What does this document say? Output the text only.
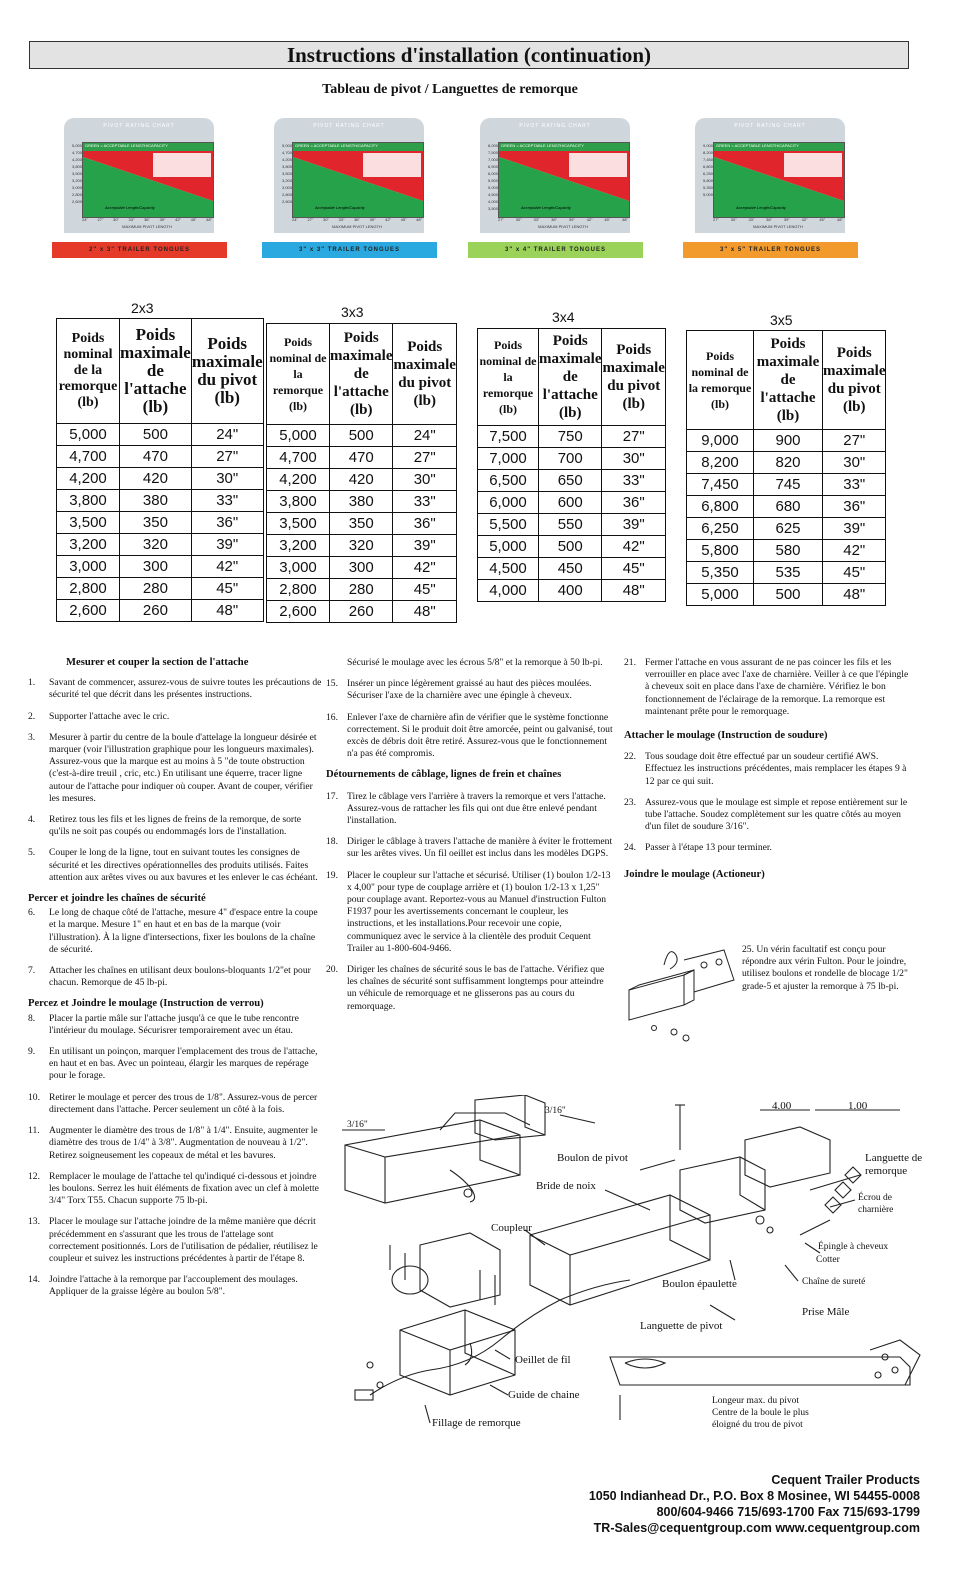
Instructions d'installation (continuation)
Tableau de pivot / Languettes de remorque
PIVOT RATING CHART
5,000
4,700
4,200
3,800
3,500
3,200
3,000
2,800
2,600
GREEN = ACCEPTABLE LENGTH/CAPACITY
Acceptable Length/Capacity
24" 27" 30" 33" 36" 39" 42" 45" 48"
MAXIMUM PIVOT LENGTH
2" x 3" TRAILER TONGUES
PIVOT RATING CHART
5,000
4,700
4,200
3,800
3,500
3,200
3,000
2,800
2,600
GREEN = ACCEPTABLE LENGTH/CAPACITY
Acceptable Length/Capacity
24" 27" 30" 33" 36" 39" 42" 45" 48"
MAXIMUM PIVOT LENGTH
3" x 3" TRAILER TONGUES
PIVOT RATING CHART
8,000
7,500
7,000
6,500
6,000
5,500
5,000
4,500
4,000
3,500
GREEN = ACCEPTABLE LENGTH/CAPACITY
Acceptable Length/Capacity
27"	30"	33"	36"	39"	42"	45"	48"
MAXIMUM PIVOT LENGTH
3" x 4" TRAILER TONGUES
PIVOT RATING CHART
9,000
8,200
7,450
6,800
6,250
5,800
5,350
5,000
GREEN = ACCEPTABLE LENGTH/CAPACITY
Acceptable Length/Capacity
27"	30"	33"	36"	39"	42"	45"	48"
MAXIMUM PIVOT LENGTH
3" x 5" TRAILER TONGUES
2x3
Poids nominal de la remorque (lb)	Poids maximale de l'attache (lb)	Poids maximale du pivot (lb)
5,000	500	24"
4,700	470	27"
4,200	420	30"
3,800	380	33"
3,500	350	36"
3,200	320	39"
3,000	300	42"
2,800	280	45"
2,600	260	48"
3x3
Poids nominal de la remorque (lb)	Poids maximale de l'attache (lb)	Poids maximale du pivot (lb)
5,000	500	24"
4,700	470	27"
4,200	420	30"
3,800	380	33"
3,500	350	36"
3,200	320	39"
3,000	300	42"
2,800	280	45"
2,600	260	48"
3x4
Poids nominal de la remorque (lb)	Poids maximale de l'attache (lb)	Poids maximale du pivot (lb)
7,500	750	27"
7,000	700	30"
6,500	650	33"
6,000	600	36"
5,500	550	39"
5,000	500	42"
4,500	450	45"
4,000	400	48"
3x5
Poids nominal de la remorque (lb)	Poids maximale de l'attache (lb)	Poids maximale du pivot (lb)
9,000	900	27"
8,200	820	30"
7,450	745	33"
6,800	680	36"
6,250	625	39"
5,800	580	42"
5,350	535	45"
5,000	500	48"

Mesurer et couper la section de l'attache

1. Savant de commencer, assurez-vous de suivre toutes les précautions de sécurité tel que décrit dans les présentes instructions.
2. Supporter l'attache avec le cric.
3. Mesurer à partir du centre de la boule d'attelage la longueur désirée et marquer (voir l'illustration graphique pour les longueurs maximales). Assurez-vous que la marque est au moins à 5 "de toute obstruction (c'est-à-dire treuil , cric, etc.) En utilisant une équerre, tracer ligne autour de l'attache pour indiquer où couper. Avant de couper, vérifier les mesures.
4. Retirez tous les fils et les lignes de freins de la remorque, de sorte qu'ils ne soit pas coupés ou endommagés lors de l'installation.
5. Couper le long de la ligne, tout en suivant toutes les consignes de sécurité et les directives opérationnelles des produits utilisés. Faites attention aux arêtes vives ou aux bavures et les enlever le cas échéant.

Percer et joindre les chaînes de sécurité

6. Le long de chaque côté de l'attache, mesure 4" d'espace entre la coupe et la marque. Mesure 1" en haut et en bas de la marque (voir l'illustration). À la ligne d'intersections, fixer les boulons de la chaîne de sécurité.
7. Attacher les chaînes en utilisant deux boulons-bloquants 1/2"et pour chacun. Remorque de 45 lb-pi.

Percez et Joindre le moulage (Instruction de verrou)

8. Placer la partie mâle sur l'attache jusqu'à ce que le tube rencontre l'intérieur du moulage. Sécurisrer temporairement avec un étau.
9. En utilisant un poinçon, marquer l'emplacement des trous de l'attache, en haut et en bas. Avec un pointeau, élargir les marques de repérage pour le forage.
10. Retirer le moulage et percer des trous de 1/8". Assurez-vous de percer directement dans l'attache. Percer seulement un côté à la fois.
11. Augmenter le diamètre des trous de 1/8" à 1/4". Ensuite, augmenter le diamètre des trous de 1/4" à 3/8". Augmentation de nouveau à 1/2". Retirez soigneusement les copeaux de métal et les bavures.
12. Remplacer le moulage de l'attache tel qu'indiqué ci-dessous et joindre les boulons. Serrez les huit éléments de fixation avec un clef à molette 3/4" Torx T55. Chacun supporte 75 lb-pi.
13. Placer le moulage sur l'attache joindre de la même manière que décrit précédemment en s'assurant que les trous de l'attelage sont correctement positionnés. Lors de l'utilisation de pédalier, réutilisez le coupleur et suivez les instructions précédentes à partir de l'étape 8.
14. Joindre l'attache à la remorque par l'accouplement des moulages. Appliquer de la graisse légère au boulon 5/8".
Sécurisé le moulage avec les écrous 5/8" et la remorque à 50 lb-pi.
15. Insérer un pince légèrement graissé au haut des pièces moulées. Sécuriser l'axe de la charnière avec une épingle à cheveux.
16. Enlever l'axe de charnière afin de vérifier que le système fonctionne correctement. Si le produit doit être amorcée, peint ou galvanisé, tout excès de débris doit être retiré. Assurez-vous que le fonctionnement n'a pas été compromis.

Détournements de câblage, lignes de frein et chaînes

17. Tirez le câblage vers l'arrière à travers la remorque et vers l'attache. Assurez-vous de rattacher les fils qui ont due être enlevé pendant l'installation.
18. Diriger le câblage à travers l'attache de manière à éviter le frottement sur les arêtes vives. Un fil oeillet est inclus dans les modèles DGPS.
19. Placer le coupleur sur l'attache et sécurisé. Utiliser (1) boulon 1/2-13 x 4,00" pour type de couplage arrière et (1) boulon 1/2-13 x 1,25" pour couplage avant. Reportez-vous au Manuel d'instruction Fulton F1937 pour les avertissements concernant le coupleur, les instructions, et les installations.Pour recevoir une copie, communiquez avec le service à la clientèle des produit Cequent Trailer au 1-800-604-9466.
20. Diriger les chaînes de sécurité sous le bas de l'attache. Vérifiez que les chaînes de sécurité sont suffisamment longtemps pour atteindre un véhicule de remorquage et ne glisserons pas au cours du remorquage.
21. Fermer l'attache en vous assurant de ne pas coincer les fils et les verrouiller en place avec l'axe de charnière. Veiller à ce que l'épingle à cheveux soit en place dans l'axe de charnière. Vérifiez le bon fonctionnement de l'éclairage de la remorque. La remorque est maintenant prête pour le remorquage.

Attacher le moulage (Instruction de soudure)

22. Tous soudage doit être effectué par un soudeur certifié AWS. Effectuez les instructions précédentes, mais remplacer les étapes 9 à 12 par ce qui suit.
23. Assurez-vous que le moulage est simple et repose entièrement sur le tube l'attache. Soudez complètement sur les quatre côtés au moyen d'un filet de soudure 3/16".
24. Passer à l'étape 13 pour terminer.

Joindre le moulage (Actioneur)

25. Un vérin facultatif est conçu pour répondre aux vérin Fulton. Pour le joindre, utilisez boulons et rondelle de blocage 1/2" grade-5 et ajuster la remorque à 75 lb-pi.
3/16"
3/16"	4.00	1.00
Boulon de pivot
Bride de noix
Coupleur
Languette de remorque
Écrou de charnière
Épingle à cheveux
Cotter
Boulon épaulette	Chaîne de sureté
Prise Mâle
Languette de pivot
Oeillet de fil
Guide de chaine
Fillage de remorque
Longeur max. du pivot
Centre de la boule le plus
éloigné du trou de pivot
Cequent Trailer Products
1050 Indianhead Dr., P.O. Box 8 Mosinee, WI 54455-0008
800/604-9466 715/693-1700 Fax 715/693-1799
TR-Sales@cequentgroup.com www.cequentgroup.com
